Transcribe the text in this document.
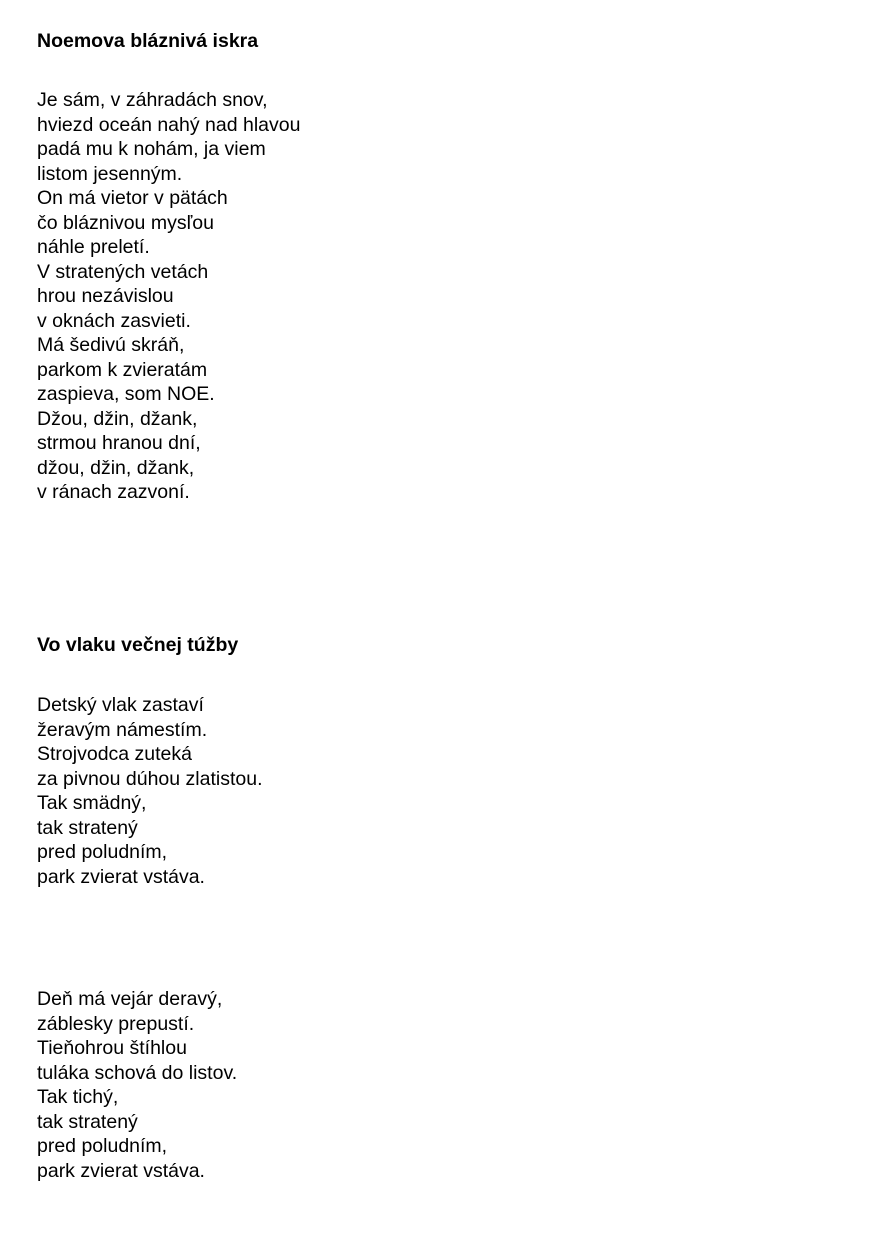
Noemova bláznivá iskra
Je sám, v záhradách snov,
hviezd oceán nahý nad hlavou
padá mu k nohám, ja viem
listom jesenným.
On má vietor v pätách
čo bláznivou mysľou
náhle preletí.
V stratených vetách
hrou nezávislou
v oknách zasvieti.
Má šedivú skráň,
parkom k zvieratám
zaspieva, som NOE.
Džou, džin, džank,
strmou hranou dní,
džou, džin, džank,
v ránach zazvoní.
Vo vlaku večnej túžby
Detský vlak zastaví
žeravým námestím.
Strojvodca zuteká
za pivnou dúhou zlatistou.
Tak smädný,
tak stratený
pred poludním,
park zvierat vstáva.
Deň má vejár deravý,
záblesky prepustí.
Tieňohrou štíhlou
tuláka schová do listov.
Tak tichý,
tak stratený
pred poludním,
park zvierat vstáva.
